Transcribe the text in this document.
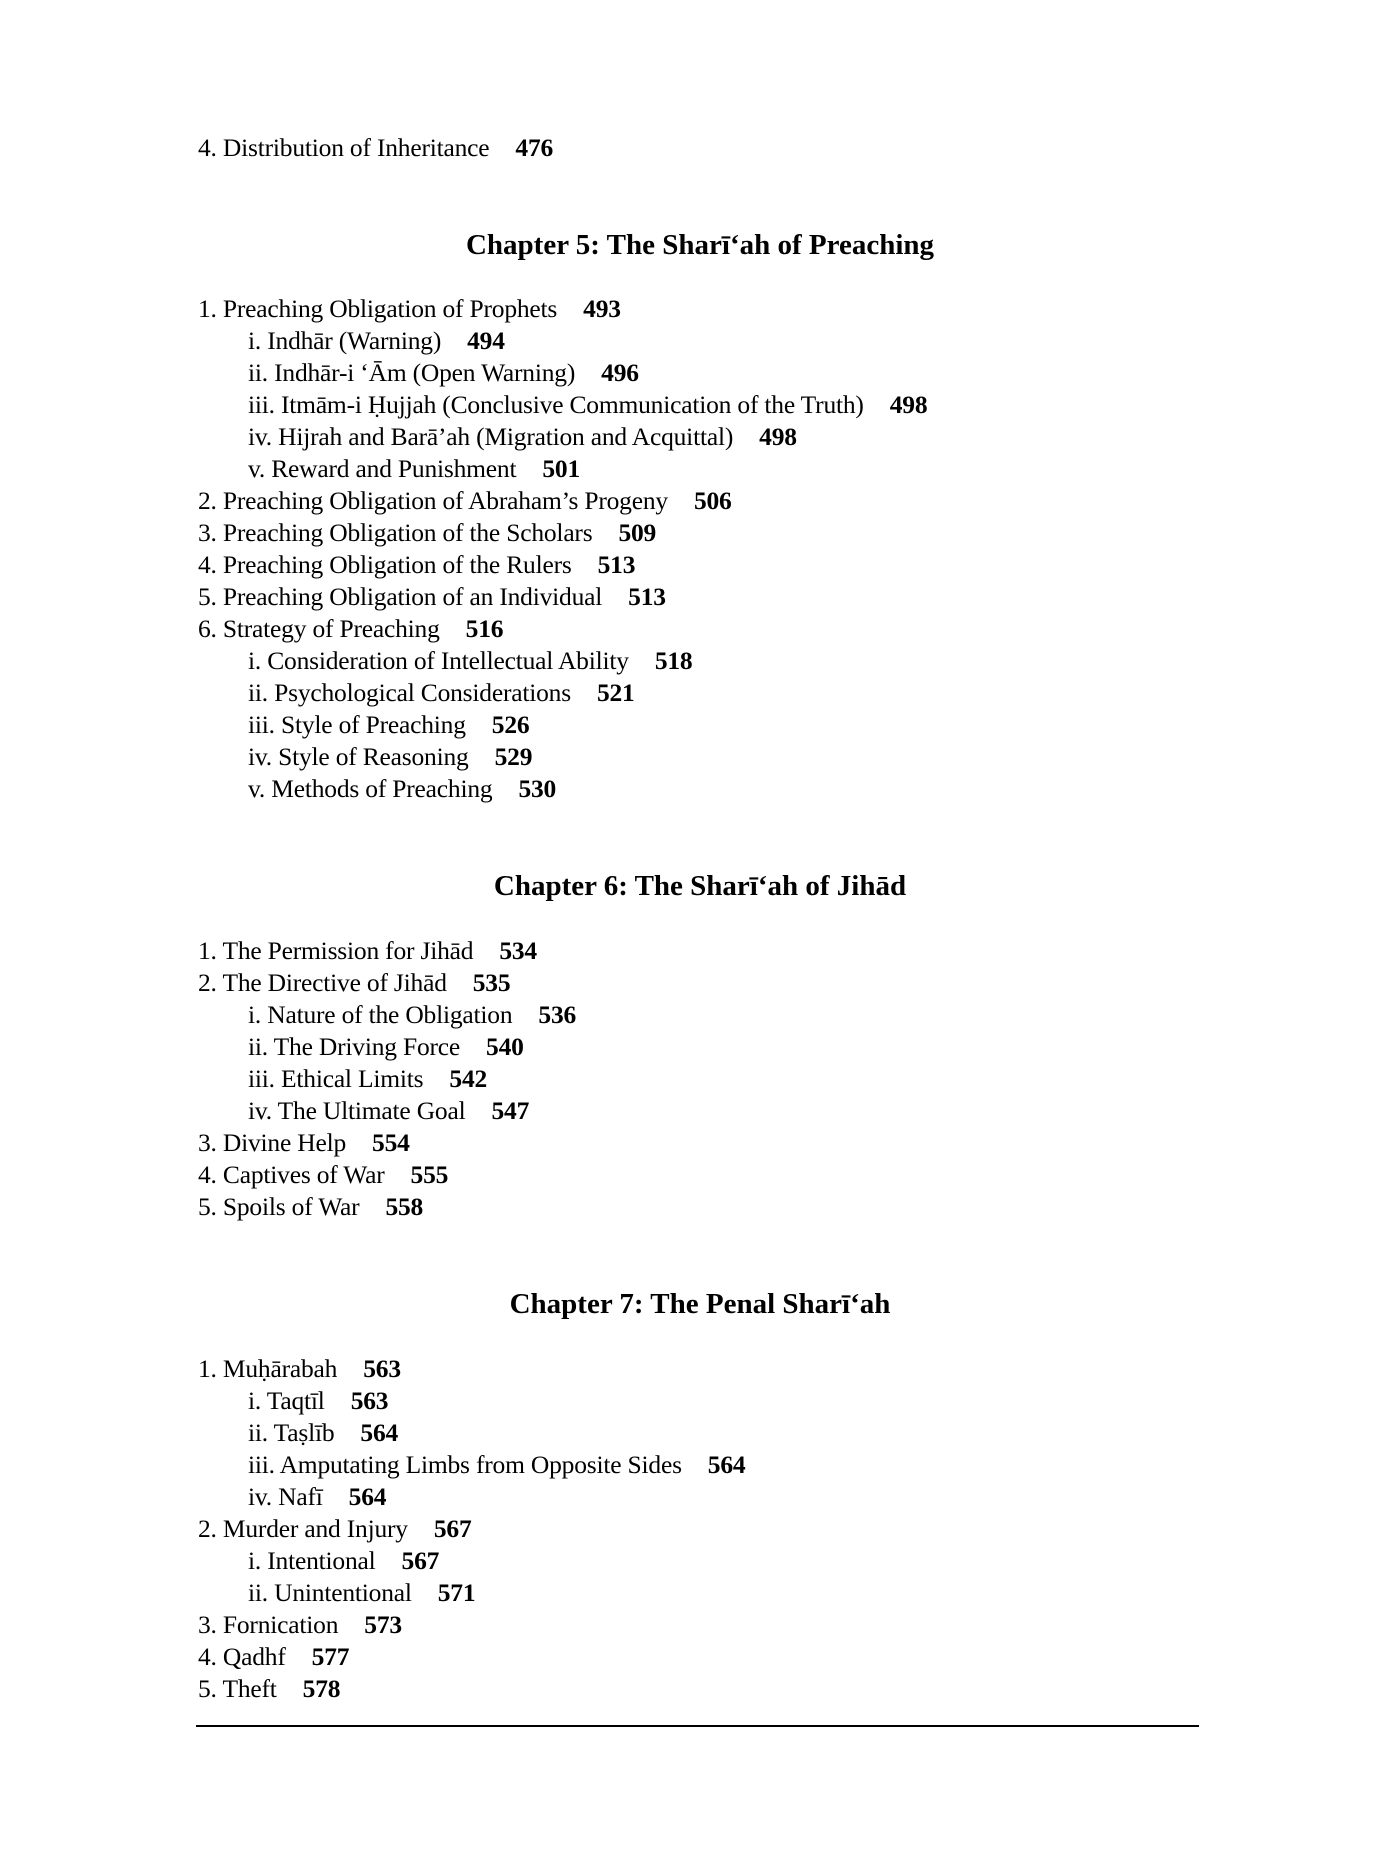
4. Distribution of Inheritance 476
Chapter 5: The Sharī‘ah of Preaching
1. Preaching Obligation of Prophets 493
i. Indhār (Warning) 494
ii. Indhār-i ‘Ām (Open Warning) 496
iii. Itmām-i Ḥujjah (Conclusive Communication of the Truth) 498
iv. Hijrah and Barā’ah (Migration and Acquittal) 498
v. Reward and Punishment 501
2. Preaching Obligation of Abraham’s Progeny 506
3. Preaching Obligation of the Scholars 509
4. Preaching Obligation of the Rulers 513
5. Preaching Obligation of an Individual 513
6. Strategy of Preaching 516
i. Consideration of Intellectual Ability 518
ii. Psychological Considerations 521
iii. Style of Preaching 526
iv. Style of Reasoning 529
v. Methods of Preaching 530
Chapter 6: The Sharī‘ah of Jihād
1. The Permission for Jihād 534
2. The Directive of Jihād 535
i. Nature of the Obligation 536
ii. The Driving Force 540
iii. Ethical Limits 542
iv. The Ultimate Goal 547
3. Divine Help 554
4. Captives of War 555
5. Spoils of War 558
Chapter 7: The Penal Sharī‘ah
1. Muḥārabah 563
i. Taqtīl 563
ii. Taṣlīb 564
iii. Amputating Limbs from Opposite Sides 564
iv. Nafī 564
2. Murder and Injury 567
i. Intentional 567
ii. Unintentional 571
3. Fornication 573
4. Qadhf 577
5. Theft 578
